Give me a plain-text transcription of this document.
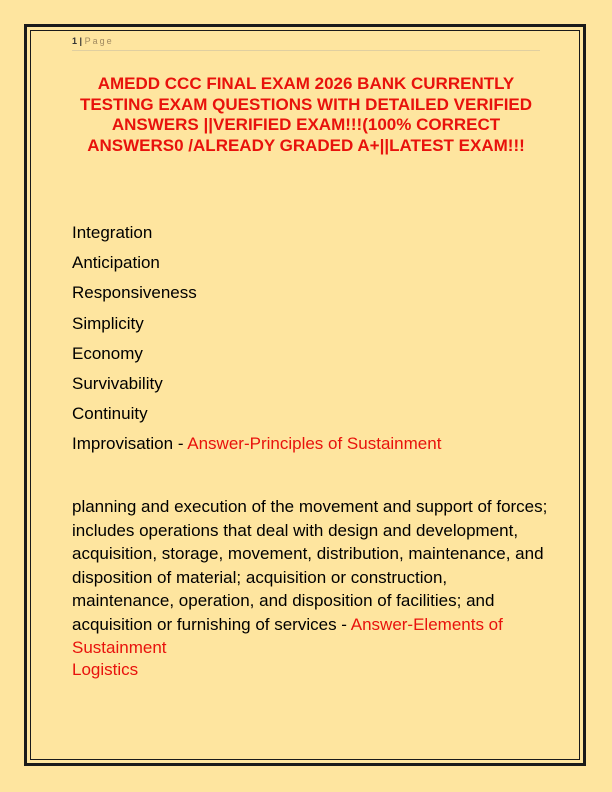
1 | Page
AMEDD CCC FINAL EXAM 2026 BANK CURRENTLY TESTING EXAM QUESTIONS WITH DETAILED VERIFIED ANSWERS ||VERIFIED EXAM!!!(100% CORRECT ANSWERS0 /ALREADY GRADED A+||LATEST EXAM!!!
Integration
Anticipation
Responsiveness
Simplicity
Economy
Survivability
Continuity
Improvisation - Answer-Principles of Sustainment
planning and execution of the movement and support of forces; includes operations that deal with design and development, acquisition, storage, movement, distribution, maintenance, and disposition of material; acquisition or construction, maintenance, operation, and disposition of facilities; and acquisition or furnishing of services - Answer-Elements of Sustainment
Logistics
